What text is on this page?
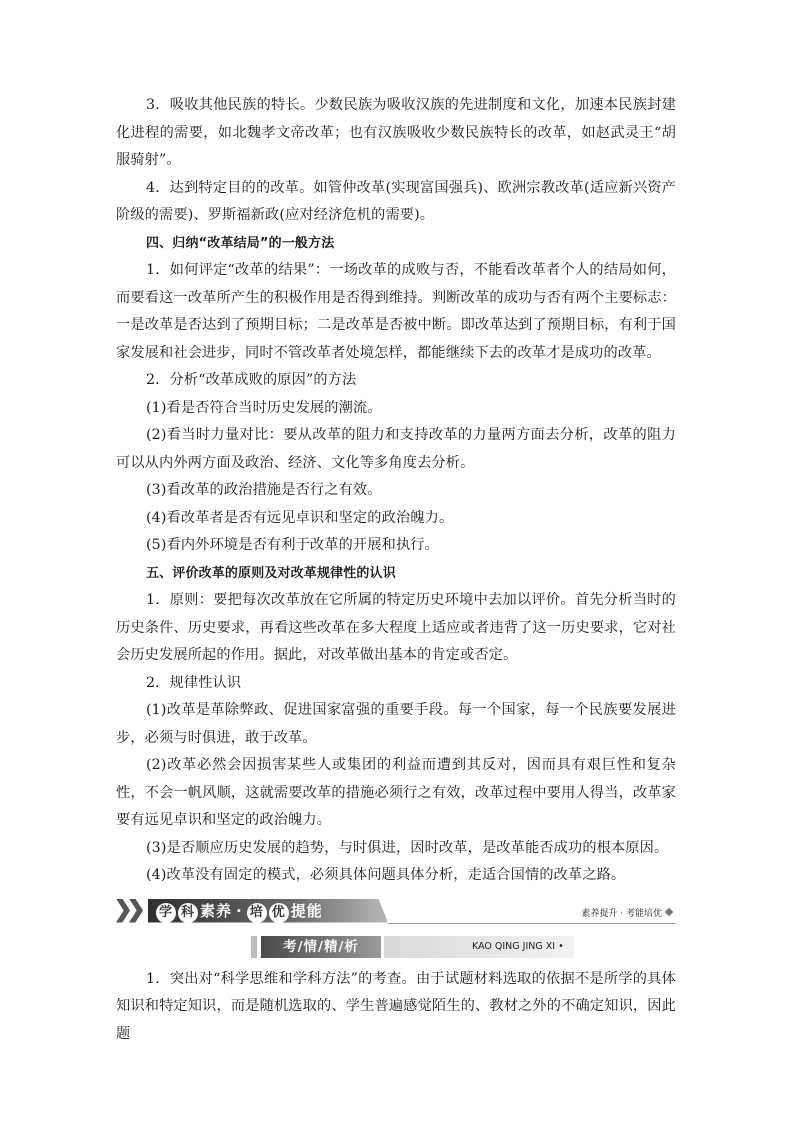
3．吸收其他民族的特长。少数民族为吸收汉族的先进制度和文化，加速本民族封建化进程的需要，如北魏孝文帝改革；也有汉族吸收少数民族特长的改革，如赵武灵王“胡服骑射”。

4．达到特定目的的改革。如管仲改革(实现富国强兵)、欧洲宗教改革(适应新兴资产阶级的需要)、罗斯福新政(应对经济危机的需要)。

四、归纳“改革结局”的一般方法

1．如何评定“改革的结果”：一场改革的成败与否，不能看改革者个人的结局如何，而要看这一改革所产生的积极作用是否得到维持。判断改革的成功与否有两个主要标志：一是改革是否达到了预期目标；二是改革是否被中断。即改革达到了预期目标，有利于国家发展和社会进步，同时不管改革者处境怎样，都能继续下去的改革才是成功的改革。

2．分析“改革成败的原因”的方法

(1)看是否符合当时历史发展的潮流。

(2)看当时力量对比：要从改革的阻力和支持改革的力量两方面去分析，改革的阻力可以从内外两方面及政治、经济、文化等多角度去分析。

(3)看改革的政治措施是否行之有效。

(4)看改革者是否有远见卓识和坚定的政治魄力。

(5)看内外环境是否有利于改革的开展和执行。

五、评价改革的原则及对改革规律性的认识

1．原则：要把每次改革放在它所属的特定历史环境中去加以评价。首先分析当时的历史条件、历史要求，再看这些改革在多大程度上适应或者违背了这一历史要求，它对社会历史发展所起的作用。据此，对改革做出基本的肯定或否定。

2．规律性认识

(1)改革是革除弊政、促进国家富强的重要手段。每一个国家，每一个民族要发展进步，必须与时俱进，敢于改革。

(2)改革必然会因损害某些人或集团的利益而遭到其反对，因而具有艰巨性和复杂性，不会一帆风顺，这就需要改革的措施必须行之有效，改革过程中要用人得当，改革家要有远见卓识和坚定的政治魄力。

(3)是否顺应历史发展的趋势，与时俱进，因时改革，是改革能否成功的根本原因。

(4)改革没有固定的模式，必须具体问题具体分析，走适合国情的改革之路。

学 科 素养 · 培 优 提能	素养提升 · 考能培优
KAO QING JING XI •
考/情/精/析

1．突出对“科学思维和学科方法”的考查。由于试题材料选取的依据不是所学的具体知识和特定知识，而是随机选取的、学生普遍感觉陌生的、教材之外的不确定知识，因此题
